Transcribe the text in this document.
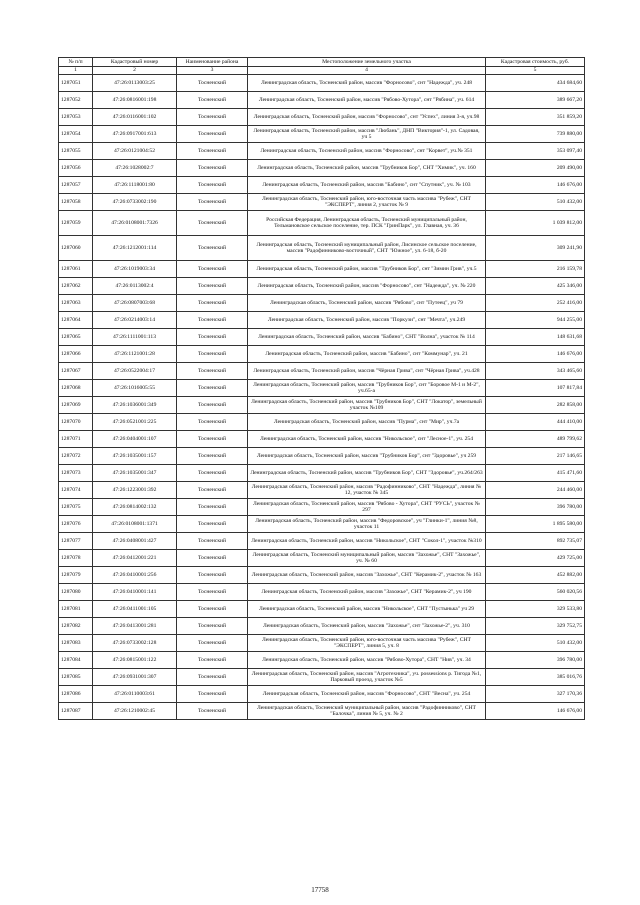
№ п/п	Кадастровый номер	Наименование района	Местоположение земельного участка	Кадастровая стоимость, руб.
1	2	3	4	5
1287051	47:26:0113003:25	Тосненский	Ленинградская область, Тосненский район, массив "Форносово", снт "Надежда", уч. 248	434 684,60
1287052	47:26:0816001:198	Тосненский	Ленинградская область, Тосненский район, массив "Рябово-Хутора", снт "Рябина", уч. 614	389 667,20
1287053	47:26:0116001:102	Тосненский	Ленинградская область, Тосненский район, массив "Форносово", снт "Успех", линия 3-я, уч.98	351 859,20
1287054	47:26:0917001:613	Тосненский	Ленинградская область, Тосненский район, массив "Любань", ДНП "Виктория"-1, ул. Садовая, уч 5	739 880,00
1287055	47:26:0121004:52	Тосненский	Ленинградская область, Тосненский район, массив "Форносово", снт "Корвет", уч.№ 351	353 097,40
1287056	47:26:1028002:7	Тосненский	Ленинградская область, Тосненский район, массив "Трубников Бор", СНТ "Химик", уч. 160	209 490,00
1287057	47:26:1118001:80	Тосненский	Ленинградская область, Тосненский район, массив "Бабино", снт "Спутник", уч. № 103	146 676,00
1287058	47:26:0733002:190	Тосненский	Ленинградская область, Тосненский район, юго-восточная часть массива "Рубеж", СНТ "ЭКСПЕРТ", линия 2, участок № 9	510 432,00
1287059	47:26:0108001:7326	Тосненский	Российская Федерация, Ленинградская область, Тосненский муниципальный район, Тельмановское сельское поселение, тер. ПСК "ГринПарк", ул. Главная, уч. 36	1 039 812,00
1287060	47:26:1212001:114	Тосненский	Ленинградская область, Тосненский муниципальный район, Лисинское сельское поселение, массив "Радофинниково-восточный", СНТ "Южное", ул. 6-18, б-20	309 241,90
1287061	47:26:1019003:34	Тосненский	Ленинградская область, Тосненский район, массив "Трубников Бор", снт "Зимин Грив", уч.5	216 159,78
1287062	47:26:0113002:4	Тосненский	Ленинградская область, Тосненский район, массив "Форносово", снт "Надежда", уч. № 220	425 346,00
1287063	47:26:0807003:68	Тосненский	Ленинградская область, Тосненский район, массив "Рябово", снт "Путеец", уч 79	252 416,00
1287064	47:26:0214003:14	Тосненский	Ленинградская область, Тосненский район, массив "Поркузи", снт "Мечта", уч.249	944 255,00
1287065	47:26:1111001:113	Тосненский	Ленинградская область, Тосненский район, массив "Бабино", СНТ "Волна", участок № 114	148 631,68
1287066	47:26:1121001:28	Тосненский	Ленинградская область, Тосненский район, массив "Бабино", снт "Коммунар", уч. 21	146 676,00
1287067	47:26:0522004:17	Тосненский	Ленинградская область, Тосненский район, массив "Чёрная Грива", снт "Чёрная Грива", уч.428	343 465,60
1287068	47:26:1016005:55	Тосненский	Ленинградская область, Тосненский район, массив "Трубников Бор", снт "Боровое М-1 и М-2", уч.65-а	107 817,84
1287069	47:26:1036001:349	Тосненский	Ленинградская область, Тосненский район, массив "Трубников Бор", СНТ "Локатор", земельный участок №109	282 858,00
1287070	47:26:0521001:225	Тосненский	Ленинградская область, Тосненский район, массив "Пурма", снт "Мир", уч.7а	444 410,00
1287071	47:26:0404001:107	Тосненский	Ленинградская область, Тосненский район, массив "Никольское", снт "Лесное-1", уч. 254	489 799,62
1287072	47:26:1035001:157	Тосненский	Ленинградская область, Тосненский район, массив "Трубников Бор", снт "Здоровье", уч 259	217 146,65
1287073	47:26:1035001:347	Тосненский	Ленинградская область, Тосненский район, массив "Трубников Бор", СНТ "Здоровье", уч.264/263	415 471,60
1287074	47:26:1223001:392	Тосненский	Ленинградская область, Тосненский район, массив "Радофинниково", СНТ "Надежда", линия № 12, участок № 345	244 460,00
1287075	47:26:0814002:132	Тосненский	Ленинградская область, Тосненский район, массив "Рябово - Хутора", СНТ "РУСЬ", участок № 297	396 780,00
1287076	47:26:0108001:1371	Тосненский	Ленинградская область, Тосненский район, массив "Федоровское", уч "Глинки-1", линия №8, участок 11	1 895 580,00
1287077	47:26:0408001:427	Тосненский	Ленинградская область, Тосненский район, массив "Никольское", СНТ "Сокол-1", участок №310	892 735,07
1287078	47:26:0412001:221	Тосненский	Ленинградская область, Тосненский муниципальный район, массив "Захожье", СНТ "Захожье", уч. № 60	429 725,00
1287079	47:26:0410001:256	Тосненский	Ленинградская область, Тосненский район, массив "Захожье", СНТ "Керамик-2", участок № 163	452 882,00
1287080	47:26:0410001:141	Тосненский	Ленинградская область, Тосненский район, массив "Захожье", СНТ "Керамик-2", уч 190	560 020,56
1287081	47:26:0411001:105	Тосненский	Ленинградская область, Тосненский район, массив "Никольское", СНТ "Пустынька" уч 29	329 533,80
1287082	47:26:0413001:281	Тосненский	Ленинградская область, Тосненский район, массив "Захожье", снт "Захожье-2", уч. 310	329 752,75
1287083	47:26:0733002:128	Тосненский	Ленинградская область, Тосненский район, юго-восточная часть массива "Рубеж", СНТ "ЭКСПЕРТ", линия 5, уч. 8	510 432,00
1287084	47:26:0815001:122	Тосненский	Ленинградская область, Тосненский район, массив "Рябово-Хутора", СНТ "Нив", уч. 34	396 780,00
1287085	47:26:0931001:307	Тосненский	Ленинградская область, Тосненский район, массив "Агротехника", уч. possessions р. Тигода №1, Парковый проезд, участок №5	385 016,76
1287086	47:26:0110003:61	Тосненский	Ленинградская область, Тосненский район, массив "Форносово", СНТ "Весна", уч. 254	327 170,36
1287087	47:26:1210002:45	Тосненский	Ленинградская область, Тосненский муниципальный район, массив "Радофинниково", СНТ "Балочка", линия № 5, уч. № 2	146 676,00
17758
